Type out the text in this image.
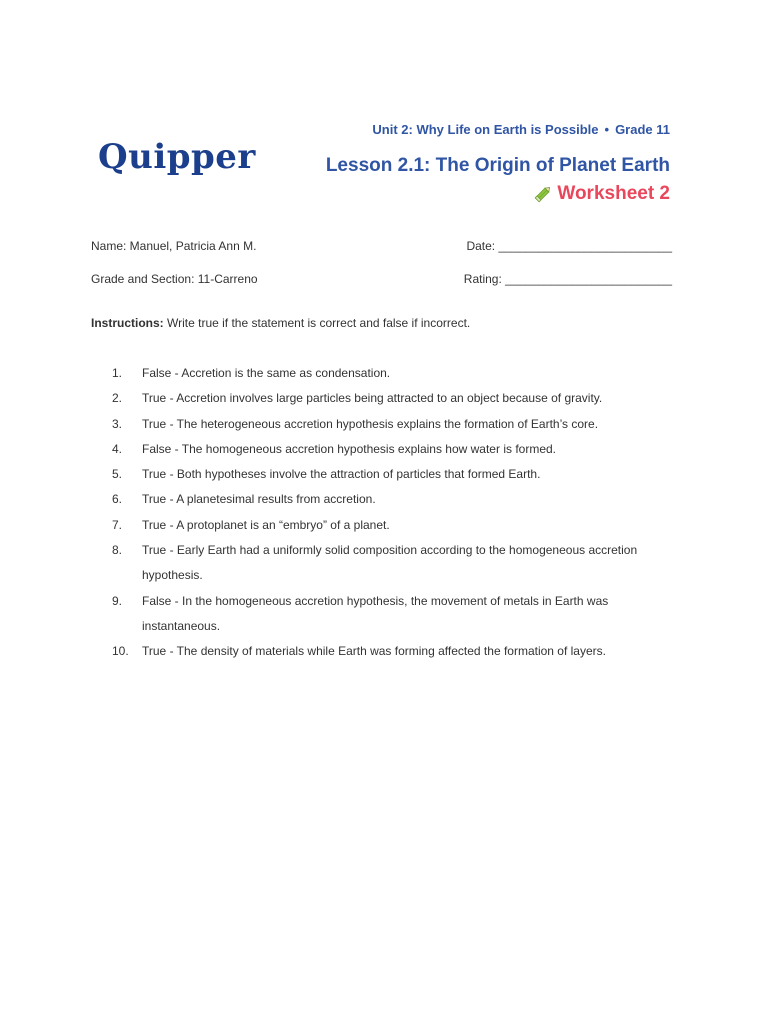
Quipper
Unit 2: Why Life on Earth is Possible • Grade 11
Lesson 2.1: The Origin of Planet Earth
Worksheet 2
Name: Manuel, Patricia Ann M.	Date: __________________________
Grade and Section: 11-Carreno	Rating: _________________________
Instructions: Write true if the statement is correct and false if incorrect.
1. False - Accretion is the same as condensation.
2. True - Accretion involves large particles being attracted to an object because of gravity.
3. True - The heterogeneous accretion hypothesis explains the formation of Earth’s core.
4. False - The homogeneous accretion hypothesis explains how water is formed.
5. True - Both hypotheses involve the attraction of particles that formed Earth.
6. True - A planetesimal results from accretion.
7. True - A protoplanet is an “embryo” of a planet.
8. True - Early Earth had a uniformly solid composition according to the homogeneous accretion hypothesis.
9. False - In the homogeneous accretion hypothesis, the movement of metals in Earth was instantaneous.
10. True - The density of materials while Earth was forming affected the formation of layers.
